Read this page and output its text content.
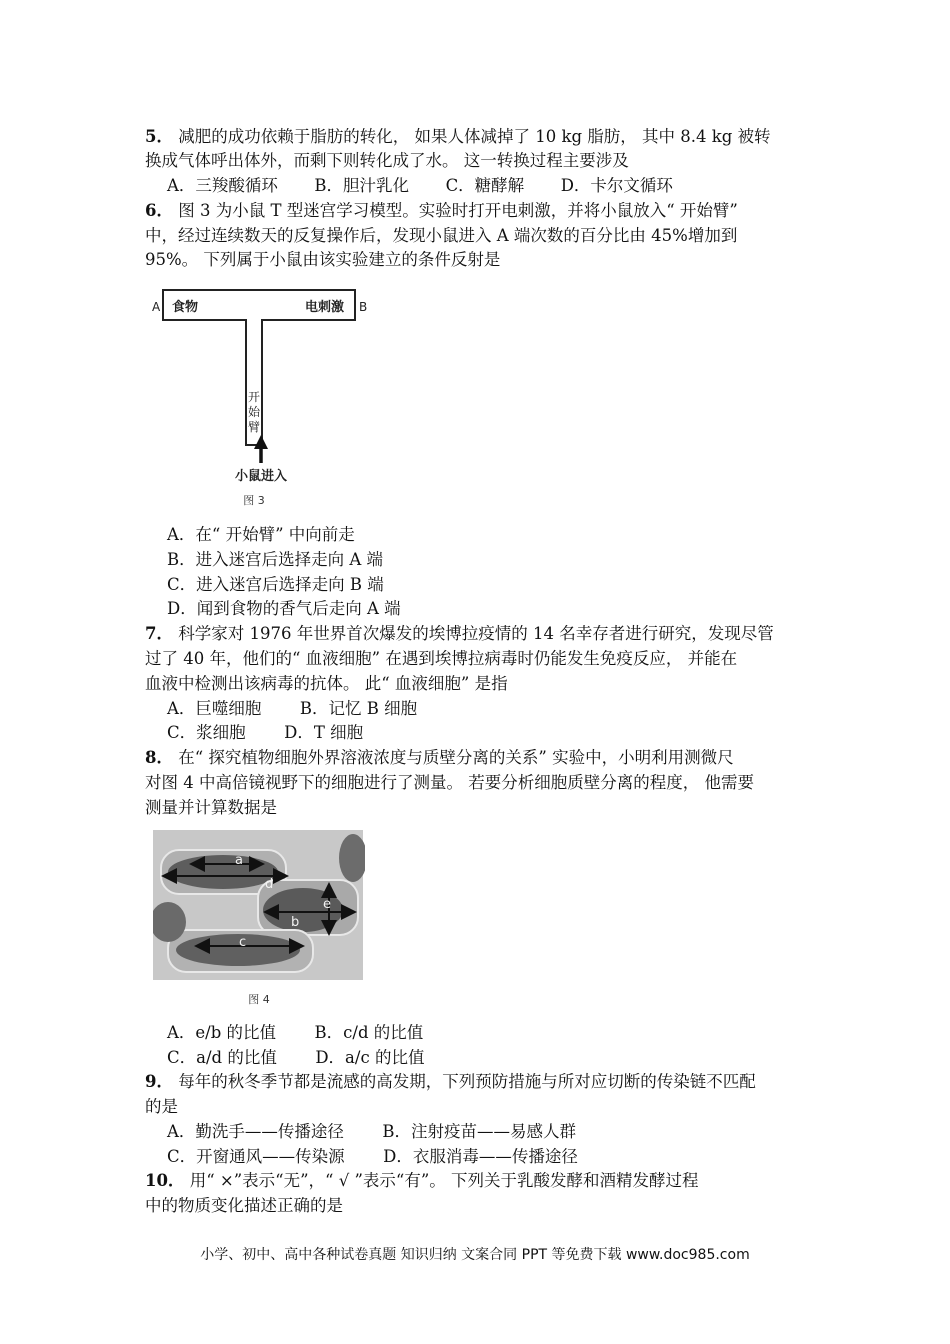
5． 减肥的成功依赖于脂肪的转化， 如果人体减掉了 10 kg 脂肪， 其中 8.4 kg 被转
换成气体呼出体外，而剩下则转化成了水。 这一转换过程主要涉及
A．三羧酸循环 B．胆汁乳化 C．糖酵解 D．卡尔文循环
6． 图 3 为小鼠 T 型迷宫学习模型。实验时打开电刺激，并将小鼠放入“ 开始臂”
中，经过连续数天的反复操作后，发现小鼠进入 A 端次数的百分比由 45%增加到
95%。 下列属于小鼠由该实验建立的条件反射是
A	B
食物	电刺激
开
始
臂
小鼠进入
图 3
A．在“ 开始臂” 中向前走
B．进入迷宫后选择走向 A 端
C．进入迷宫后选择走向 B 端
D．闻到食物的香气后走向 A 端
7． 科学家对 1976 年世界首次爆发的埃博拉疫情的 14 名幸存者进行研究，发现尽管
过了 40 年，他们的“ 血液细胞” 在遇到埃博拉病毒时仍能发生免疫反应， 并能在
血液中检测出该病毒的抗体。 此“ 血液细胞” 是指
A．巨噬细胞 B．记忆 B 细胞
C．浆细胞 D．T 细胞
8． 在“ 探究植物细胞外界溶液浓度与质壁分离的关系” 实验中，小明利用测微尺
对图 4 中高倍镜视野下的细胞进行了测量。 若要分析细胞质壁分离的程度， 他需要
测量并计算数据是
a
d
e
b
c
图 4
A．e/b 的比值 B．c/d 的比值
C．a/d 的比值 D．a/c 的比值
9． 每年的秋冬季节都是流感的高发期，下列预防措施与所对应切断的传染链不匹配
的是
A．勤洗手——传播途径 B．注射疫苗——易感人群
C．开窗通风——传染源 D．衣服消毒——传播途径
10． 用“ ×”表示“无”，“ √ ”表示“有”。 下列关于乳酸发酵和酒精发酵过程
中的物质变化描述正确的是
小学、初中、高中各种试卷真题 知识归纳 文案合同 PPT 等免费下载 www.doc985.com
